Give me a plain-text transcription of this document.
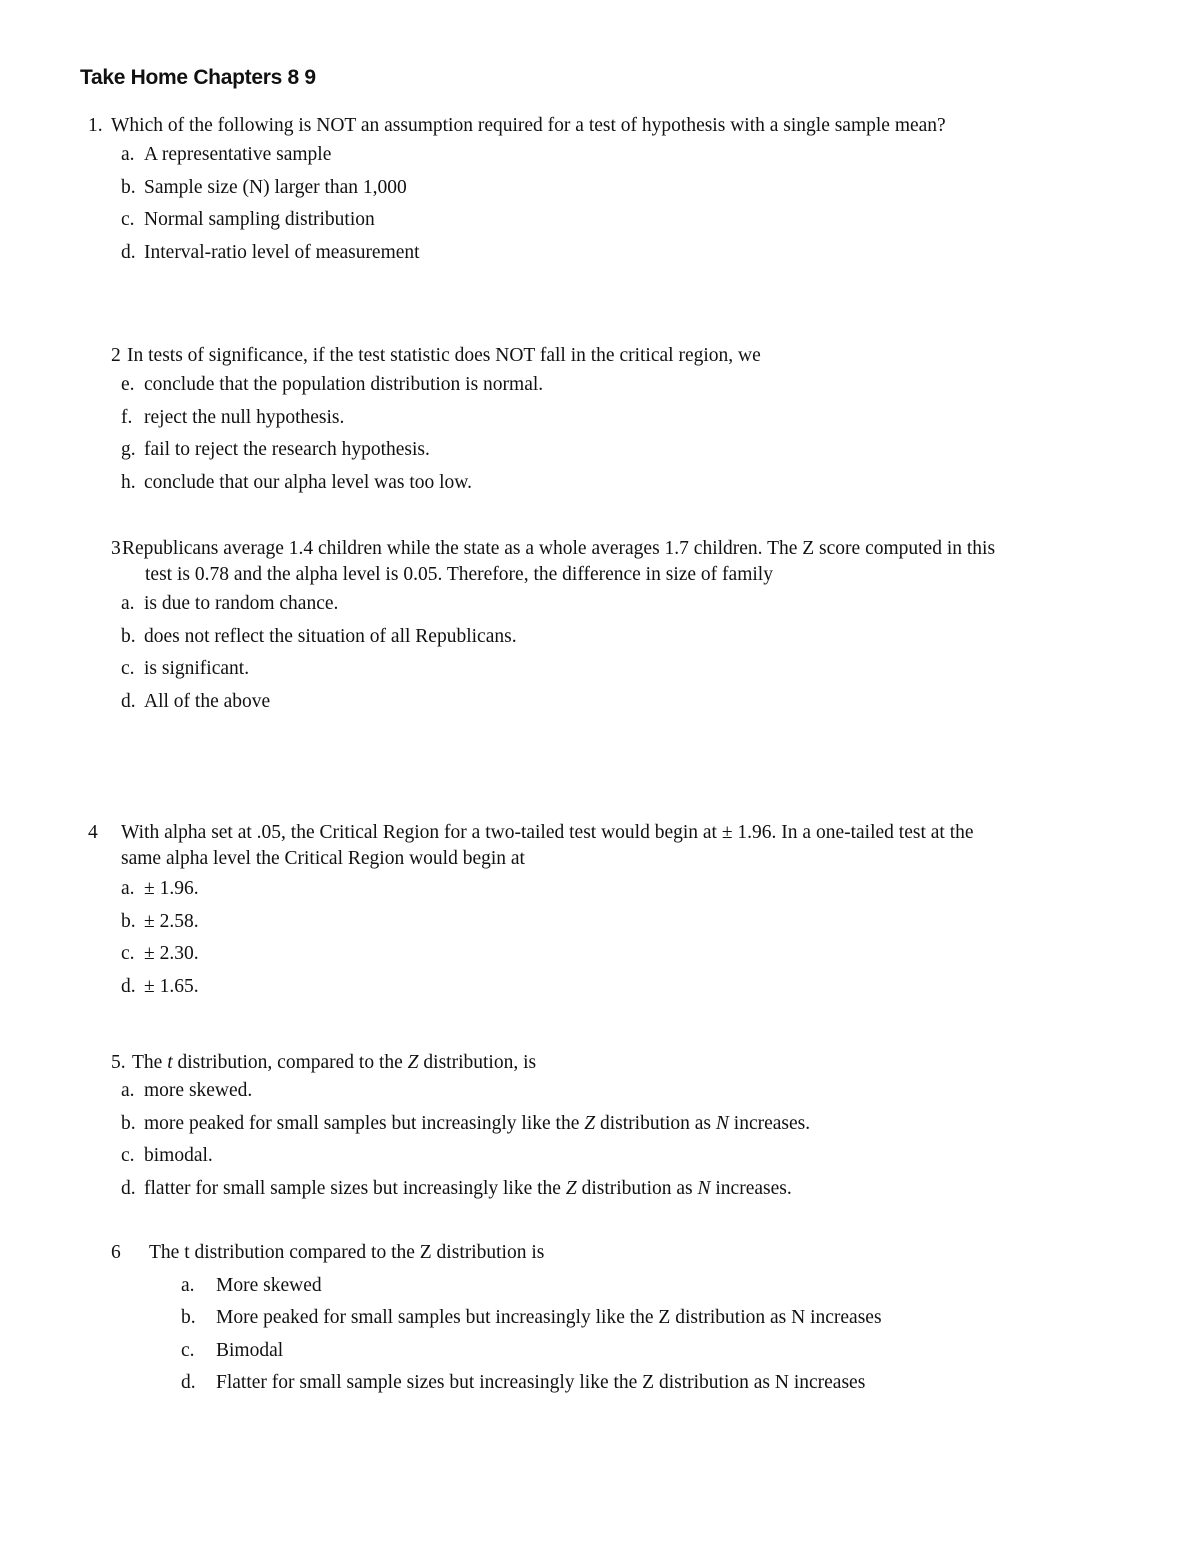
Take Home Chapters 8 9
1. Which of the following is NOT an assumption required for a test of hypothesis with a single sample mean?
a. A representative sample
b. Sample size (N) larger than 1,000
c. Normal sampling distribution
d. Interval-ratio level of measurement
2 In tests of significance, if the test statistic does NOT fall in the critical region, we
e. conclude that the population distribution is normal.
f. reject the null hypothesis.
g. fail to reject the research hypothesis.
h. conclude that our alpha level was too low.
3 Republicans average 1.4 children while the state as a whole averages 1.7 children. The Z score computed in this
test is 0.78 and the alpha level is 0.05. Therefore, the difference in size of family
a. is due to random chance.
b. does not reflect the situation of all Republicans.
c. is significant.
d. All of the above
4 With alpha set at .05, the Critical Region for a two-tailed test would begin at ± 1.96. In a one-tailed test at the
same alpha level the Critical Region would begin at
a. ± 1.96.
b. ± 2.58.
c. ± 2.30.
d. ± 1.65.
5. The t distribution, compared to the Z distribution, is
a. more skewed.
b. more peaked for small samples but increasingly like the Z distribution as N increases.
c. bimodal.
d. flatter for small sample sizes but increasingly like the Z distribution as N increases.
6 The t distribution compared to the Z distribution is
a. More skewed
b. More peaked for small samples but increasingly like the Z distribution as N increases
c. Bimodal
d. Flatter for small sample sizes but increasingly like the Z distribution as N increases
